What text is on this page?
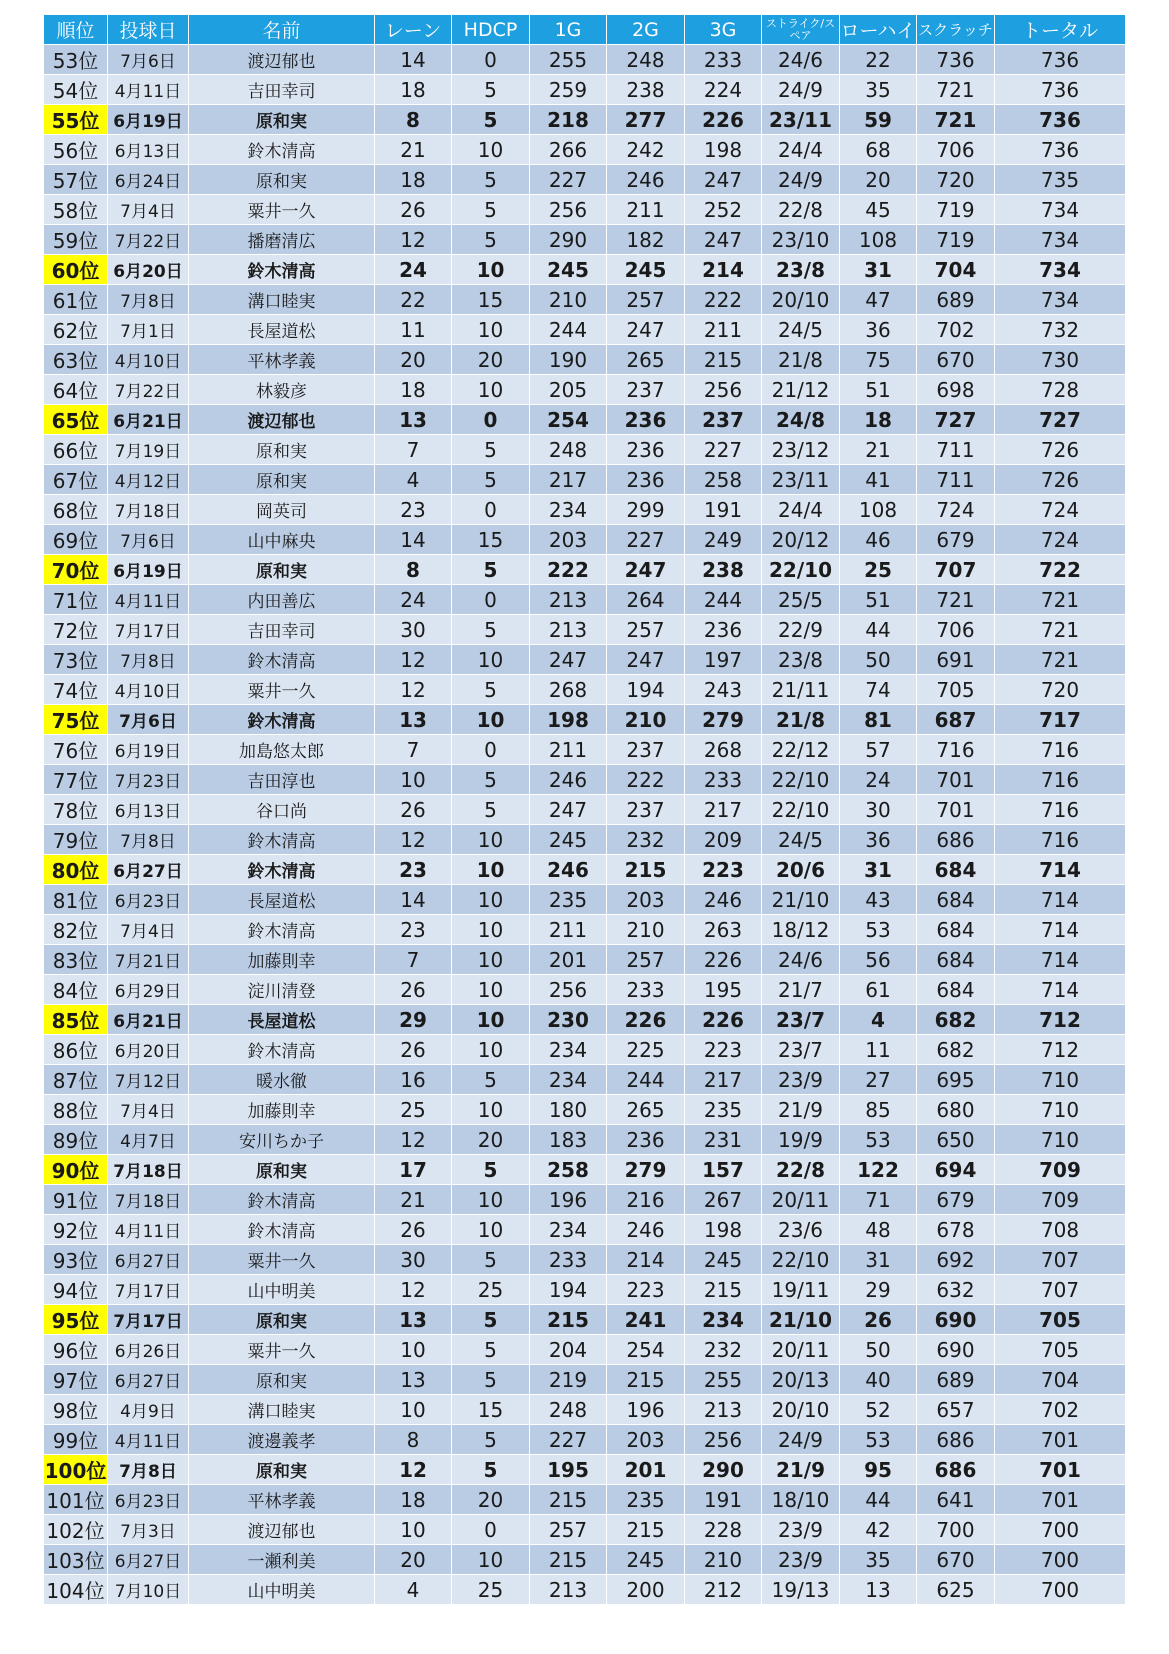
順位	投球日	名前	レーン	HDCP	1G	2G	3G	ストライク/スペア	ローハイ	スクラッチ	トータル
53位	7月6日	渡辺郁也	14	0	255	248	233	24/6	22	736	736
54位	4月11日	吉田幸司	18	5	259	238	224	24/9	35	721	736
55位	6月19日	原和実	8	5	218	277	226	23/11	59	721	736
56位	6月13日	鈴木清高	21	10	266	242	198	24/4	68	706	736
57位	6月24日	原和実	18	5	227	246	247	24/9	20	720	735
58位	7月4日	粟井一久	26	5	256	211	252	22/8	45	719	734
59位	7月22日	播磨清広	12	5	290	182	247	23/10	108	719	734
60位	6月20日	鈴木清高	24	10	245	245	214	23/8	31	704	734
61位	7月8日	溝口睦実	22	15	210	257	222	20/10	47	689	734
62位	7月1日	長屋道松	11	10	244	247	211	24/5	36	702	732
63位	4月10日	平林孝義	20	20	190	265	215	21/8	75	670	730
64位	7月22日	林毅彦	18	10	205	237	256	21/12	51	698	728
65位	6月21日	渡辺郁也	13	0	254	236	237	24/8	18	727	727
66位	7月19日	原和実	7	5	248	236	227	23/12	21	711	726
67位	4月12日	原和実	4	5	217	236	258	23/11	41	711	726
68位	7月18日	岡英司	23	0	234	299	191	24/4	108	724	724
69位	7月6日	山中麻央	14	15	203	227	249	20/12	46	679	724
70位	6月19日	原和実	8	5	222	247	238	22/10	25	707	722
71位	4月11日	内田善広	24	0	213	264	244	25/5	51	721	721
72位	7月17日	吉田幸司	30	5	213	257	236	22/9	44	706	721
73位	7月8日	鈴木清高	12	10	247	247	197	23/8	50	691	721
74位	4月10日	粟井一久	12	5	268	194	243	21/11	74	705	720
75位	7月6日	鈴木清高	13	10	198	210	279	21/8	81	687	717
76位	6月19日	加島悠太郎	7	0	211	237	268	22/12	57	716	716
77位	7月23日	吉田淳也	10	5	246	222	233	22/10	24	701	716
78位	6月13日	谷口尚	26	5	247	237	217	22/10	30	701	716
79位	7月8日	鈴木清高	12	10	245	232	209	24/5	36	686	716
80位	6月27日	鈴木清高	23	10	246	215	223	20/6	31	684	714
81位	6月23日	長屋道松	14	10	235	203	246	21/10	43	684	714
82位	7月4日	鈴木清高	23	10	211	210	263	18/12	53	684	714
83位	7月21日	加藤則幸	7	10	201	257	226	24/6	56	684	714
84位	6月29日	淀川清登	26	10	256	233	195	21/7	61	684	714
85位	6月21日	長屋道松	29	10	230	226	226	23/7	4	682	712
86位	6月20日	鈴木清高	26	10	234	225	223	23/7	11	682	712
87位	7月12日	暖水徹	16	5	234	244	217	23/9	27	695	710
88位	7月4日	加藤則幸	25	10	180	265	235	21/9	85	680	710
89位	4月7日	安川ちか子	12	20	183	236	231	19/9	53	650	710
90位	7月18日	原和実	17	5	258	279	157	22/8	122	694	709
91位	7月18日	鈴木清高	21	10	196	216	267	20/11	71	679	709
92位	4月11日	鈴木清高	26	10	234	246	198	23/6	48	678	708
93位	6月27日	粟井一久	30	5	233	214	245	22/10	31	692	707
94位	7月17日	山中明美	12	25	194	223	215	19/11	29	632	707
95位	7月17日	原和実	13	5	215	241	234	21/10	26	690	705
96位	6月26日	粟井一久	10	5	204	254	232	20/11	50	690	705
97位	6月27日	原和実	13	5	219	215	255	20/13	40	689	704
98位	4月9日	溝口睦実	10	15	248	196	213	20/10	52	657	702
99位	4月11日	渡邊義孝	8	5	227	203	256	24/9	53	686	701
100位	7月8日	原和実	12	5	195	201	290	21/9	95	686	701
101位	6月23日	平林孝義	18	20	215	235	191	18/10	44	641	701
102位	7月3日	渡辺郁也	10	0	257	215	228	23/9	42	700	700
103位	6月27日	一瀬利美	20	10	215	245	210	23/9	35	670	700
104位	7月10日	山中明美	4	25	213	200	212	19/13	13	625	700
